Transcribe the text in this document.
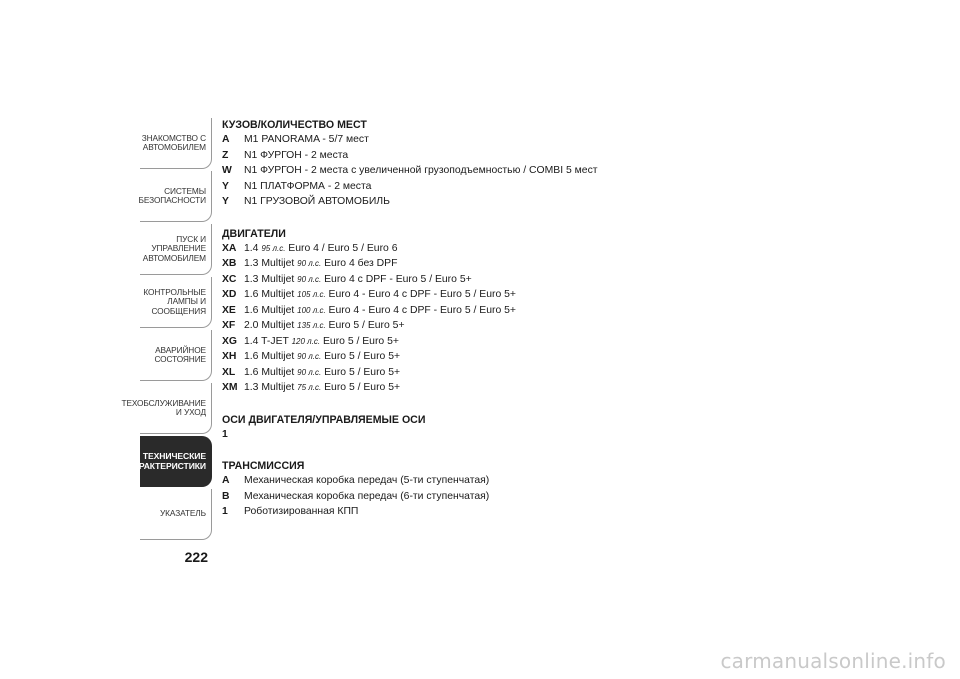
ЗНАКОМСТВО С
АВТОМОБИЛЕМ
СИСТЕМЫ
БЕЗОПАСНОСТИ
ПУСК И УПРАВЛЕНИЕ
АВТОМОБИЛЕМ
КОНТРОЛЬНЫЕ
ЛАМПЫ И
СООБЩЕНИЯ
АВАРИЙНОЕ
СОСТОЯНИЕ
ТЕХОБСЛУЖИВАНИЕ
И УХОД
ТЕХНИЧЕСКИЕ
ХАРАКТЕРИСТИКИ
УКАЗАТЕЛЬ
222
КУЗОВ/КОЛИЧЕСТВО МЕСТ
A	M1 PANORAMA - 5/7 мест
Z	N1 ФУРГОН - 2 места
W	N1 ФУРГОН - 2 места с увеличенной грузоподъемностью / COMBI 5 мест
Y	N1 ПЛАТФОРМА - 2 места
Y	N1 ГРУЗОВОЙ АВТОМОБИЛЬ
ДВИГАТЕЛИ
XA 1.4 95 л.с. Euro 4 / Euro 5 / Euro 6
XB 1.3 Multijet 90 л.с. Euro 4 без DPF
XC 1.3 Multijet 90 л.с. Euro 4 с DPF - Euro 5 / Euro 5+
XD 1.6 Multijet 105 л.с. Euro 4 - Euro 4 с DPF - Euro 5 / Euro 5+
XE 1.6 Multijet 100 л.с. Euro 4 - Euro 4 с DPF - Euro 5 / Euro 5+
XF 2.0 Multijet 135 л.с. Euro 5 / Euro 5+
XG 1.4 T-JET 120 л.с. Euro 5 / Euro 5+
XH 1.6 Multijet 90 л.с. Euro 5 / Euro 5+
XL 1.6 Multijet 90 л.с. Euro 5 / Euro 5+
XM 1.3 Multijet 75 л.с. Euro 5 / Euro 5+
ОСИ ДВИГАТЕЛЯ/УПРАВЛЯЕМЫЕ ОСИ
1
ТРАНСМИССИЯ
A	Механическая коробка передач (5-ти ступенчатая)
B	Механическая коробка передач (6-ти ступенчатая)
1	Роботизированная КПП
carmanualsonline.info
